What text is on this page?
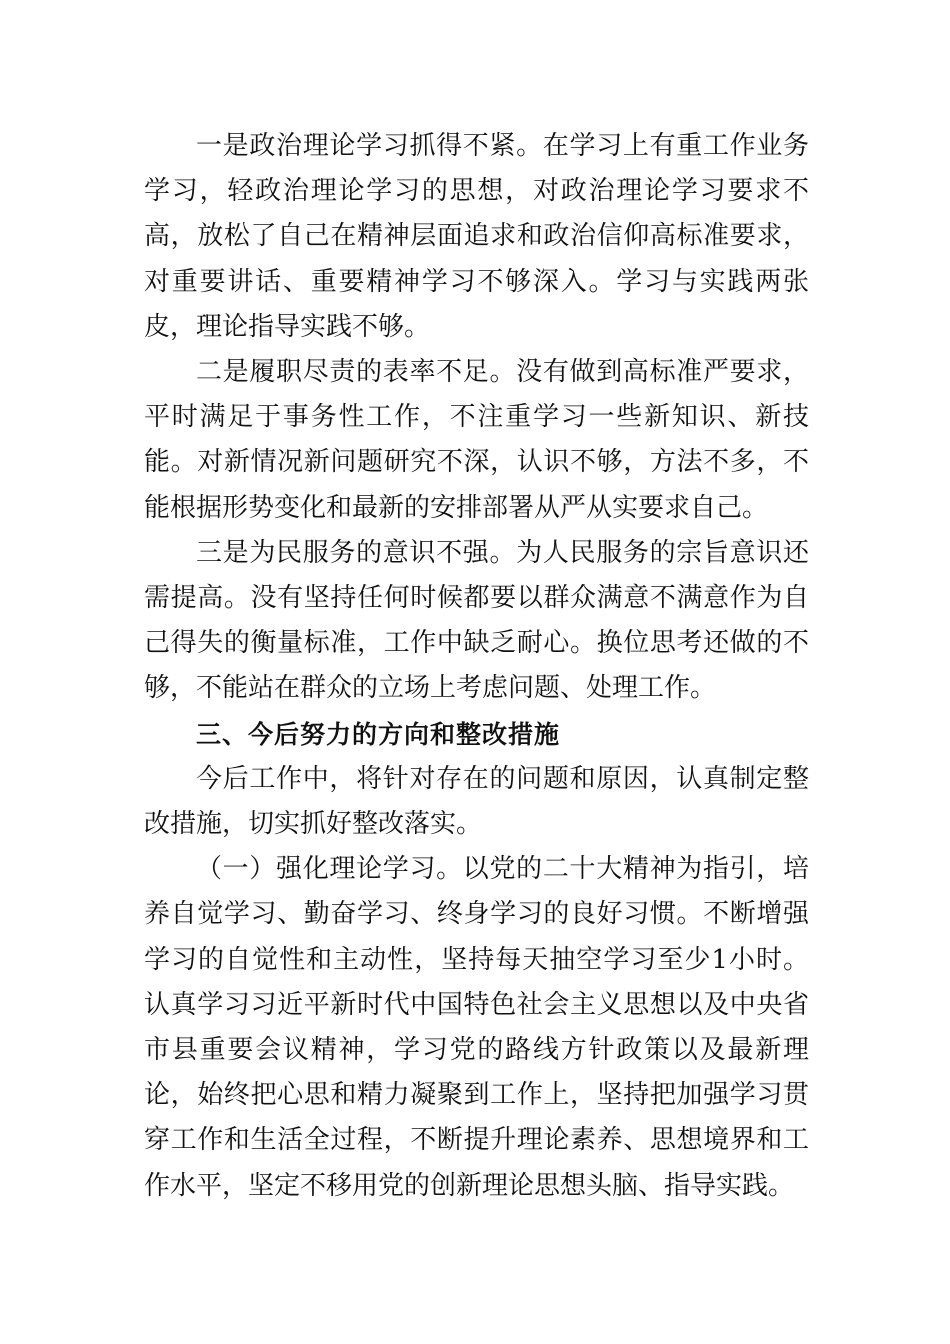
一是政治理论学习抓得不紧。在学习上有重工作业务学习，轻政治理论学习的思想，对政治理论学习要求不高，放松了自己在精神层面追求和政治信仰高标准要求，对重要讲话、重要精神学习不够深入。学习与实践两张皮，理论指导实践不够。

二是履职尽责的表率不足。没有做到高标准严要求，平时满足于事务性工作，不注重学习一些新知识、新技能。对新情况新问题研究不深，认识不够，方法不多，不能根据形势变化和最新的安排部署从严从实要求自己。

三是为民服务的意识不强。为人民服务的宗旨意识还需提高。没有坚持任何时候都要以群众满意不满意作为自己得失的衡量标准，工作中缺乏耐心。换位思考还做的不够，不能站在群众的立场上考虑问题、处理工作。

三、今后努力的方向和整改措施

今后工作中，将针对存在的问题和原因，认真制定整改措施，切实抓好整改落实。

（一）强化理论学习。以党的二十大精神为指引，培养自觉学习、勤奋学习、终身学习的良好习惯。不断增强学习的自觉性和主动性，坚持每天抽空学习至少1小时。认真学习习近平新时代中国特色社会主义思想以及中央省市县重要会议精神，学习党的路线方针政策以及最新理论，始终把心思和精力凝聚到工作上，坚持把加强学习贯穿工作和生活全过程，不断提升理论素养、思想境界和工作水平，坚定不移用党的创新理论思想头脑、指导实践。
